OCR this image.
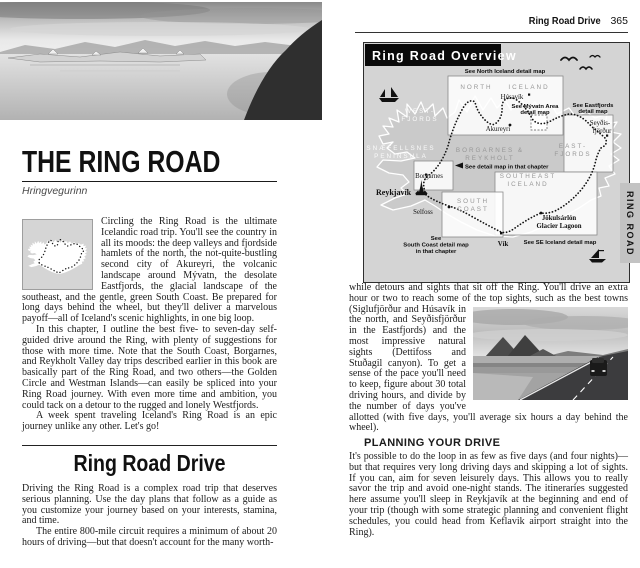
THE RING ROAD
Hringvegurinn

Circling the Ring Road is the ultimate Icelandic road trip. You'll see the country in all its moods: the deep valleys and fjordside hamlets of the north, the not-quite-bustling second city of Akureyri, the volcanic landscape around Mývatn, the desolate Eastfjords, the glacial landscape of the southeast, and the gentle, green South Coast. Be prepared for long days behind the wheel, but they'll deliver a marvelous payoff—all of Iceland's scenic highlights, in one big loop.

In this chapter, I outline the best five- to seven-day self-guided drive around the Ring, with plenty of suggestions for those with more time. Note that the South Coast, Borgarnes, and Reykholt Valley day trips described earlier in this book are basically part of the Ring Road, and two others—the Golden Circle and Westman Islands—can easily be spliced into your Ring Road journey. With even more time and ambition, you could tack on a detour to the rugged and lonely Westfjords.

A week spent traveling Iceland's Ring Road is an epic journey unlike any other. Let's go!

Ring Road Drive

Driving the Ring Road is a complex road trip that deserves serious planning. Use the day plans that follow as a guide as you customize your journey based on your interests, stamina, and time.

The entire 800-mile circuit requires a minimum of about 20 hours of driving—but that doesn't account for the many worth-

Ring Road Drive 365
Ring Road Overview
NORTH ICELAND
WEST-
FJORDS
SNÆFELLSNES
PENINSULA
BORGARNES &
REYKHOLT
EAST-
FJORDS
SOUTHEAST
ICELAND
SOUTH
COAST
See North Iceland detail map
See Mývatn Area
detail map
See Eastfjords
detail map
See detail map in that chapter
See
South Coast detail map
in that chapter
See SE Iceland detail map
Húsavík
Akureyri
Seyðis-
fjörður
Borgarnes
Reykjavík
Selfoss
Vík
Jökulsárlón
Glacier Lagoon	RING ROAD

while detours and sights that sit off the Ring. You'll drive an extra hour or two to reach some of the top sights, such as the best towns
(Siglufjörður and Húsavík in the north, and Seyðisfjörður in the Eastfjords) and the most impressive natural sights (Dettifoss and Stuðagil canyon). To get a sense of the pace you'll need to keep, figure about 30 total driving hours, and divide by the number of days you've allotted (with five days, you'll average six hours a day behind the wheel).

PLANNING YOUR DRIVE

It's possible to do the loop in as few as five days (and four nights)—but that requires very long driving days and skipping a lot of sights. If you can, aim for seven leisurely days. This allows you to really savor the trip and avoid one-night stands. The itineraries suggested here assume you'll sleep in Reykjavík at the beginning and end of your trip (though with some strategic planning and convenient flight schedules, you could head from Keflavik airport straight into the Ring).
